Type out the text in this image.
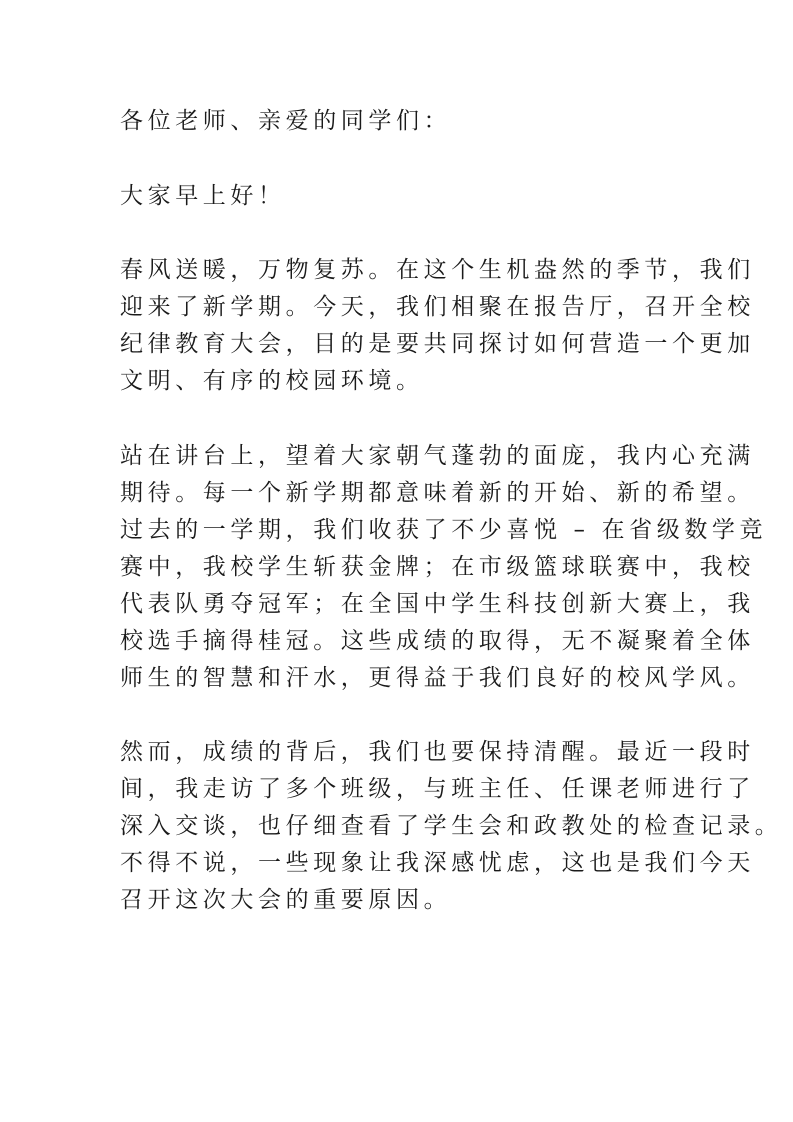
各位老师、亲爱的同学们：

大家早上好！

春风送暖，万物复苏。在这个生机盎然的季节，我们
迎来了新学期。今天，我们相聚在报告厅，召开全校
纪律教育大会，目的是要共同探讨如何营造一个更加
文明、有序的校园环境。

站在讲台上，望着大家朝气蓬勃的面庞，我内心充满
期待。每一个新学期都意味着新的开始、新的希望。
过去的一学期，我们收获了不少喜悦 – 在省级数学竞
赛中，我校学生斩获金牌；在市级篮球联赛中，我校
代表队勇夺冠军；在全国中学生科技创新大赛上，我
校选手摘得桂冠。这些成绩的取得，无不凝聚着全体
师生的智慧和汗水，更得益于我们良好的校风学风。

然而，成绩的背后，我们也要保持清醒。最近一段时
间，我走访了多个班级，与班主任、任课老师进行了
深入交谈，也仔细查看了学生会和政教处的检查记录。
不得不说，一些现象让我深感忧虑，这也是我们今天
召开这次大会的重要原因。
